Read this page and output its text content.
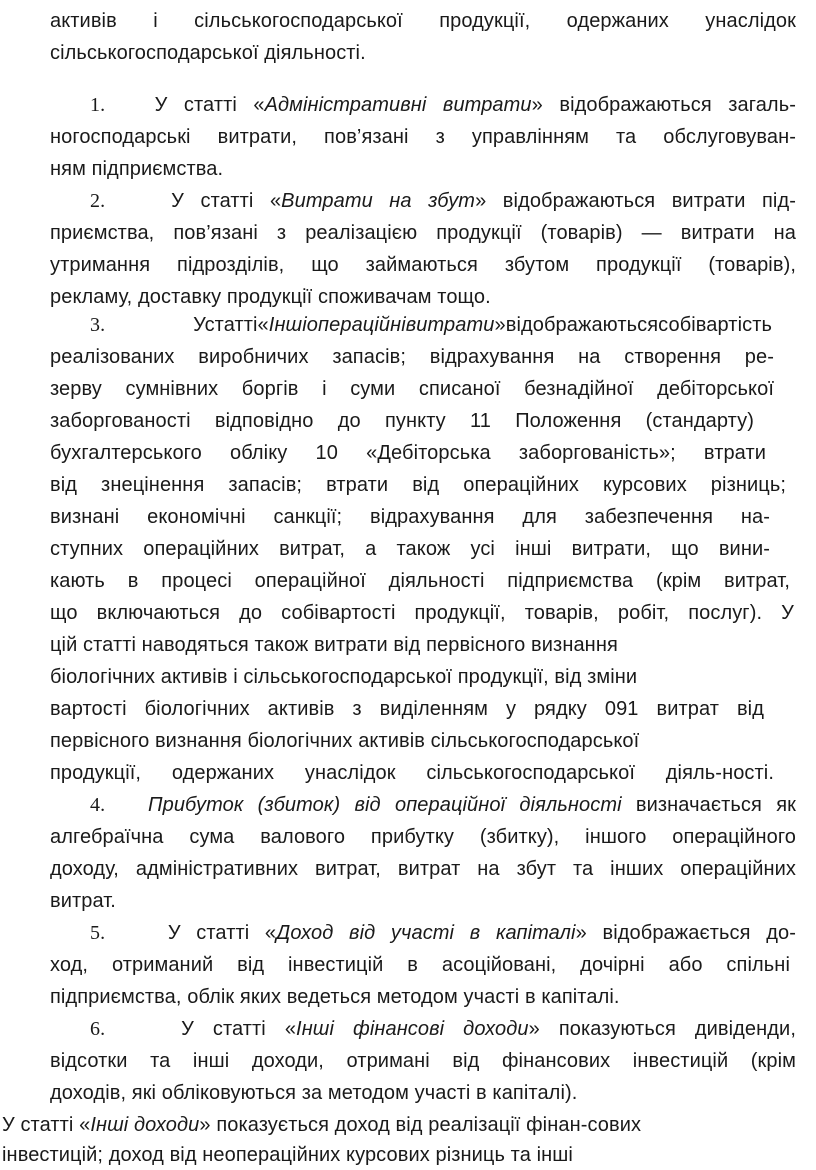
активів і сільськогосподарської продукції, одержаних унаслідок
сільськогосподарської діяльності.
1. У статті «Адміністративні витрати» відображаються загаль-
ногосподарські витрати, пов’язані з управлінням та обслуговуван-
ням підприємства.
2.	У статті «Витрати на збут» відображаються витрати під-
приємства, пов’язані з реалізацією продукції (товарів) — витрати на
утримання підрозділів, що займаються збутом продукції (товарів),
рекламу, доставку продукції споживачам тощо.
3.	Устатті«Іншіопераційнівитрати»відображаютьсясобівартість
реалізованих виробничих запасів; відрахування на створення ре-
зерву сумнівних боргів і суми списаної безнадійної дебіторської
заборгованості відповідно до пункту 11 Положення (стандарту)
бухгалтерського обліку 10 «Дебіторська заборгованість»; втрати
від знецінення запасів; втрати від операційних курсових різниць;
визнані економічні санкції; відрахування для забезпечення на-
ступних операційних витрат, а також усі інші витрати, що вини-
кають в процесі операційної діяльності підприємства (крім витрат,
що включаються до собівартості продукції, товарів, робіт, послуг). У
цій статті наводяться також витрати від первісного визнання
біологічних активів і сільськогосподарської продукції, від зміни
вартості біологічних активів з виділенням у рядку 091 витрат від
первісного визнання біологічних активів сільськогосподарської
продукції, одержаних унаслідок сільськогосподарської діяль-ності.
4. Прибуток (збиток) від операційної діяльності визначається як
алгебраїчна сума валового прибутку (збитку), іншого операційного
доходу, адміністративних витрат, витрат на збут та інших операційних
витрат.
5.	У статті «Доход від участі в капіталі» відображається до-
ход, отриманий від інвестицій в асоційовані, дочірні або спільні
підприємства, облік яких ведеться методом участі в капіталі.
6.	У статті «Інші фінансові доходи» показуються дивіденди,
відсотки та інші доходи, отримані від фінансових інвестицій (крім
доходів, які обліковуються за методом участі в капіталі).
У статті «Інші доходи» показується доход від реалізації фінан-сових
інвестицій; доход від неопераційних курсових різниць та інші
